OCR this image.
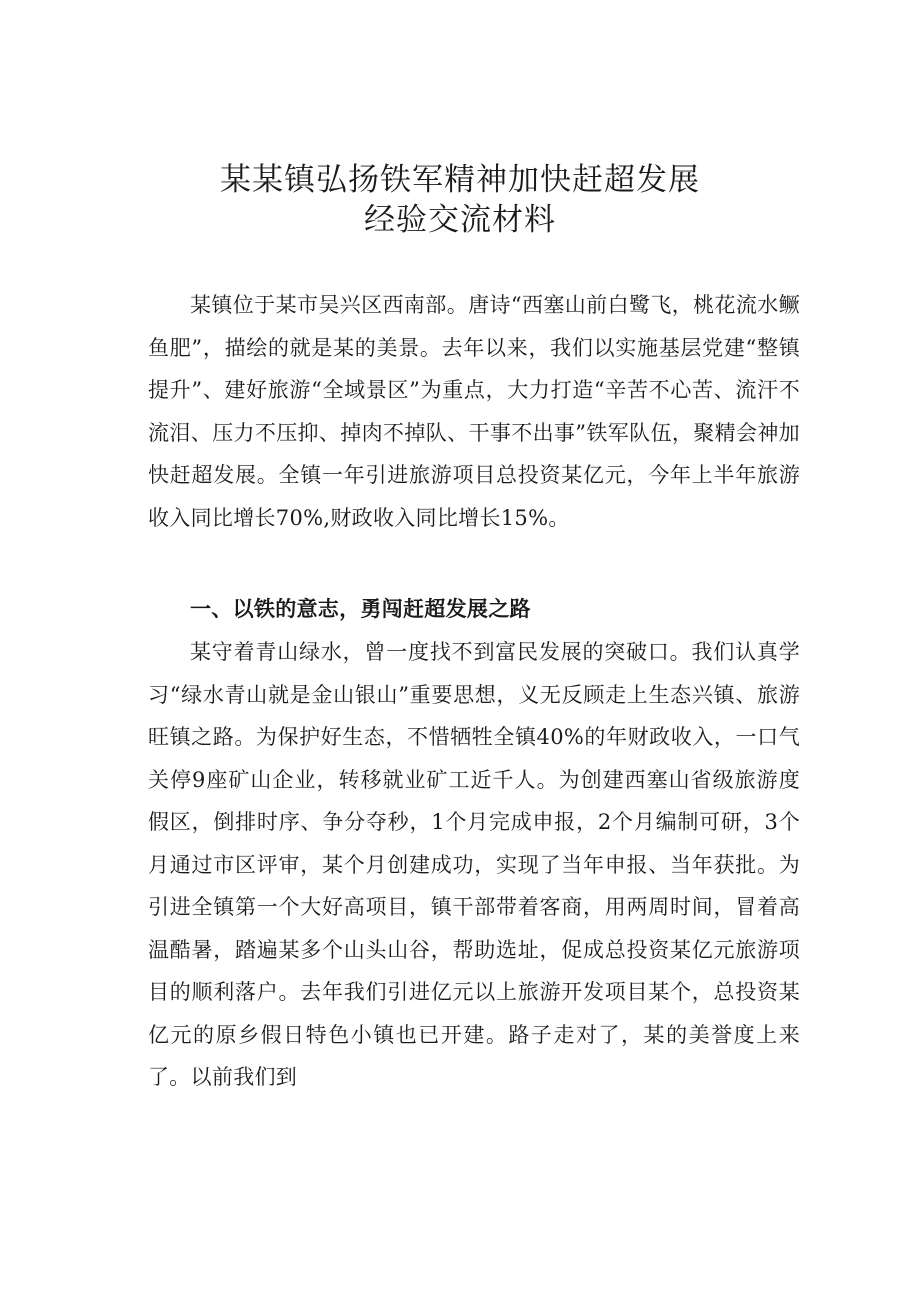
某某镇弘扬铁军精神加快赶超发展
经验交流材料

某镇位于某市吴兴区西南部。唐诗“西塞山前白鹭飞，桃花流水鳜鱼肥”，描绘的就是某的美景。去年以来，我们以实施基层党建“整镇提升”、建好旅游“全域景区”为重点，大力打造“辛苦不心苦、流汗不流泪、压力不压抑、掉肉不掉队、干事不出事”铁军队伍，聚精会神加快赶超发展。全镇一年引进旅游项目总投资某亿元，今年上半年旅游收入同比增长70%,财政收入同比增长15%。

一、以铁的意志，勇闯赶超发展之路

某守着青山绿水，曾一度找不到富民发展的突破口。我们认真学习“绿水青山就是金山银山”重要思想，义无反顾走上生态兴镇、旅游旺镇之路。为保护好生态，不惜牺牲全镇40%的年财政收入，一口气关停9座矿山企业，转移就业矿工近千人。为创建西塞山省级旅游度假区，倒排时序、争分夺秒，1个月完成申报，2个月编制可研，3个月通过市区评审，某个月创建成功，实现了当年申报、当年获批。为引进全镇第一个大好高项目，镇干部带着客商，用两周时间，冒着高温酷暑，踏遍某多个山头山谷，帮助选址，促成总投资某亿元旅游项目的顺利落户。去年我们引进亿元以上旅游开发项目某个，总投资某亿元的原乡假日特色小镇也已开建。路子走对了，某的美誉度上来了。以前我们到
